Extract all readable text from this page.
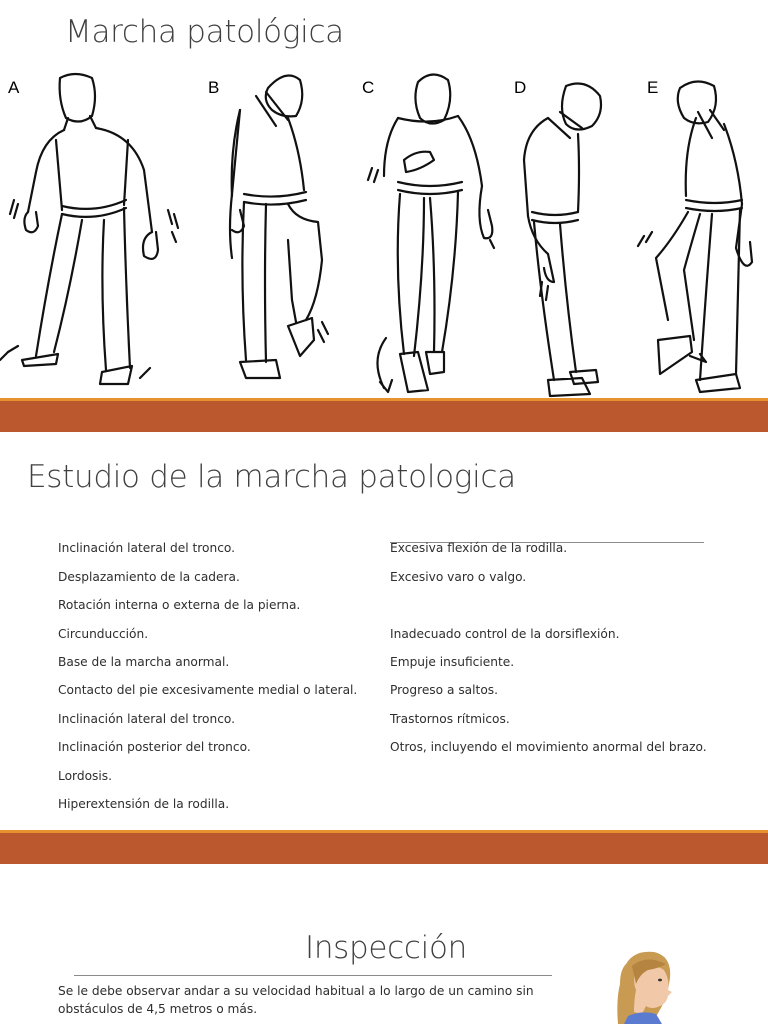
Marcha patológica
A	B	C	D	E
Estudio de la marcha patologica
Inclinación lateral del tronco.
Desplazamiento de la cadera.
Rotación interna o externa de la pierna.
Circunducción.
Base de la marcha anormal.
Contacto del pie excesivamente medial o lateral.
Inclinación lateral del tronco.
Inclinación posterior del tronco.
Lordosis.
Hiperextensión de la rodilla.
Excesiva flexión de la rodilla.
Excesivo varo o valgo.
Inadecuado control de la dorsiflexión.
Empuje insuficiente.
Progreso a saltos.
Trastornos rítmicos.
Otros, incluyendo el movimiento anormal del brazo.
Inspección
Se le debe observar andar a su velocidad habitual a lo largo de un camino sin
obstáculos de 4,5 metros o más.
